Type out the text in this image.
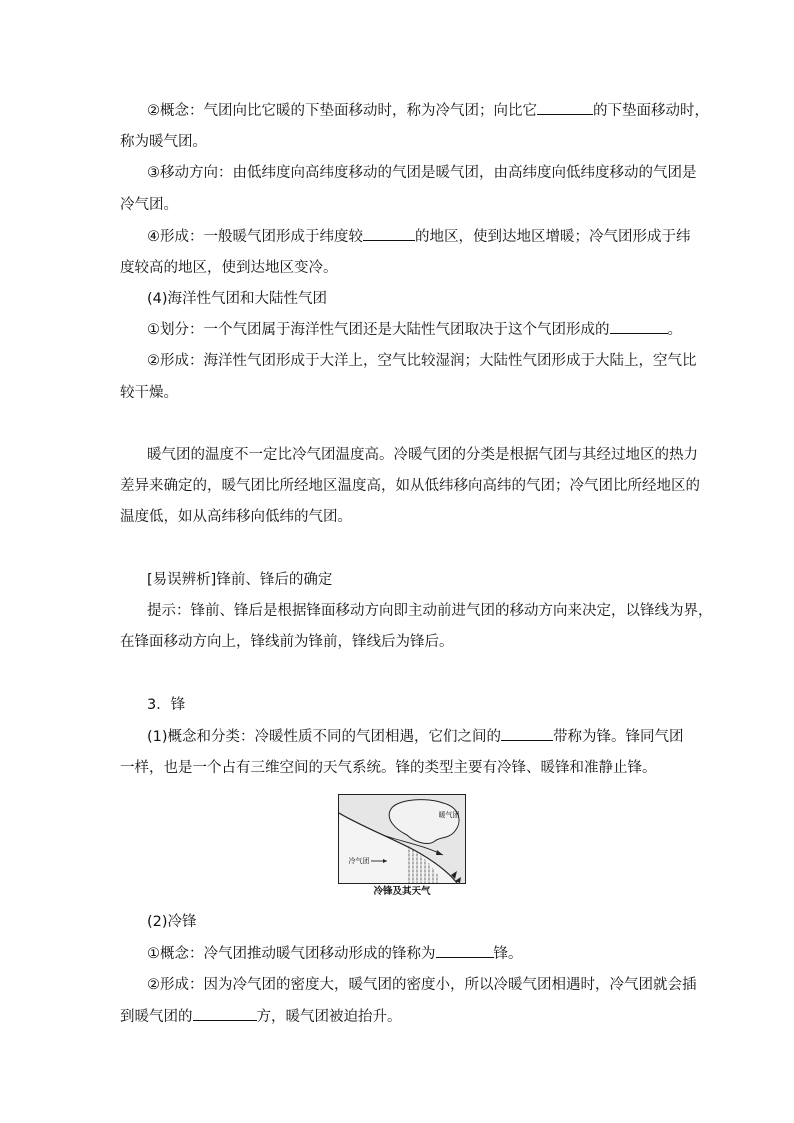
②概念：气团向比它暖的下垫面移动时，称为冷气团；向比它	的下垫面移动时，
称为暖气团。
③移动方向：由低纬度向高纬度移动的气团是暖气团，由高纬度向低纬度移动的气团是
冷气团。
④形成：一般暖气团形成于纬度较	的地区，使到达地区增暖；冷气团形成于纬
度较高的地区，使到达地区变冷。
(4)海洋性气团和大陆性气团
①划分：一个气团属于海洋性气团还是大陆性气团取决于这个气团形成的	。
②形成：海洋性气团形成于大洋上，空气比较湿润；大陆性气团形成于大陆上，空气比
较干燥。
暖气团的温度不一定比冷气团温度高。冷暖气团的分类是根据气团与其经过地区的热力
差异来确定的，暖气团比所经地区温度高，如从低纬移向高纬的气团；冷气团比所经地区的
温度低，如从高纬移向低纬的气团。
[易误辨析]锋前、锋后的确定
提示：锋前、锋后是根据锋面移动方向即主动前进气团的移动方向来决定，以锋线为界，
在锋面移动方向上，锋线前为锋前，锋线后为锋后。
3．锋
(1)概念和分类：冷暖性质不同的气团相遇，它们之间的	带称为锋。锋同气团
一样，也是一个占有三维空间的天气系统。锋的类型主要有冷锋、暖锋和准静止锋。
暖气团
冷气团
冷锋及其天气
(2)冷锋
①概念：冷气团推动暖气团移动形成的锋称为	锋。
②形成：因为冷气团的密度大，暖气团的密度小，所以冷暖气团相遇时，冷气团就会插
到暖气团的	方，暖气团被迫抬升。
